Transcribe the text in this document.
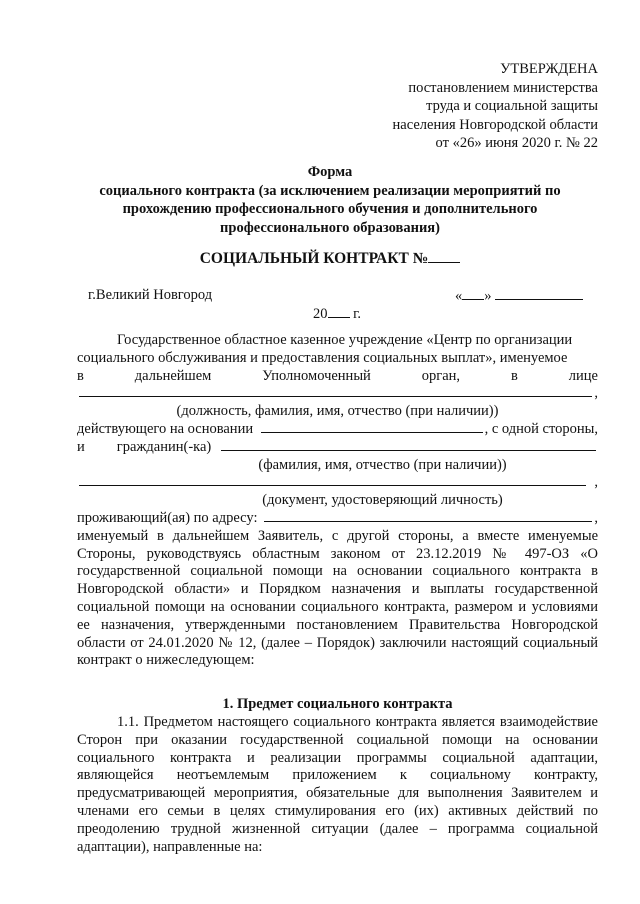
УТВЕРЖДЕНА
постановлением министерства
труда и социальной защиты
населения Новгородской области
от «26» июня 2020 г. № 22
Форма
социального контракта (за исключением реализации мероприятий по
прохождению профессионального обучения и дополнительного
профессионального образования)
СОЦИАЛЬНЫЙ КОНТРАКТ №
г.Великий Новгород	« »
20 г.
Государственное областное казенное учреждение «Центр по организации
социального обслуживания и предоставления социальных выплат», именуемое
в	дальнейшем	Уполномоченный	орган,	в	лице
,
(должность, фамилия, имя, отчество (при наличии))
действующего на основании	, с одной стороны,
и гражданин(-ка)
(фамилия, имя, отчество (при наличии))
,
(документ, удостоверяющий личность)
проживающий(ая) по адресу:	,

именуемый в дальнейшем Заявитель, с другой стороны, а вместе именуемые Стороны, руководствуясь областным законом от 23.12.2019 № 497-ОЗ «О государственной социальной помощи на основании социального контракта в Новгородской области» и Порядком назначения и выплаты государственной социальной помощи на основании социального контракта, размером и условиями ее назначения, утвержденными постановлением Правительства Новгородской области от 24.01.2020 № 12, (далее – Порядок) заключили настоящий социальный контракт о нижеследующем:

1. Предмет социального контракта

1.1. Предметом настоящего социального контракта является взаимодействие Сторон при оказании государственной социальной помощи на основании социального контракта и реализации программы социальной адаптации, являющейся неотъемлемым приложением к социальному контракту, предусматривающей мероприятия, обязательные для выполнения Заявителем и членами его семьи в целях стимулирования его (их) активных действий по преодолению трудной жизненной ситуации (далее – программа социальной адаптации), направленные на:
